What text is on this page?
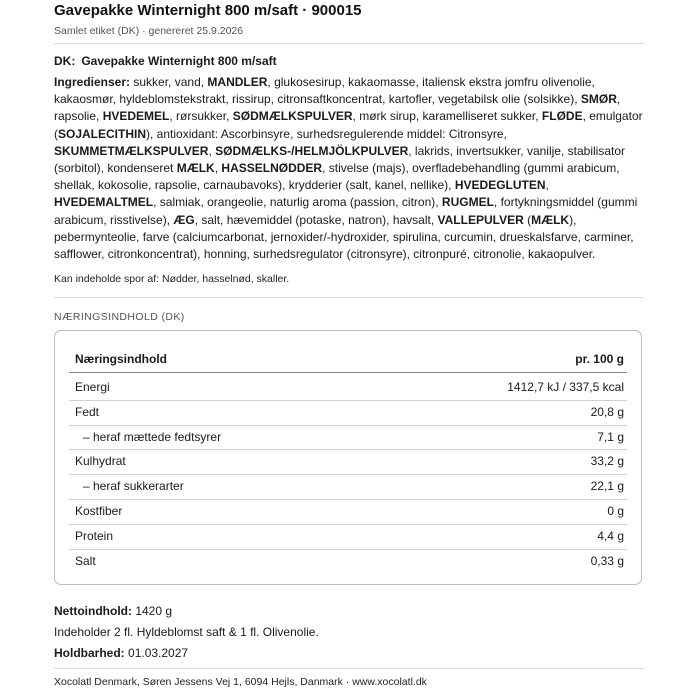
Gavepakke Winternight 800 m/saft · 900015
Samlet etiket (DK) · genereret 25.9.2026
DK: Gavepakke Winternight 800 m/saft
Ingredienser: sukker, vand, MANDLER, glukosesirup, kakaomasse, italiensk ekstra jomfru olivenolie, kakaosmør, hyldeblomstekstrakt, rissirup, citronsaftkoncentrat, kartofler, vegetabilsk olie (solsikke), SMØR, rapsolie, HVEDEMEL, rørsukker, SØDMÆLKSPULVER, mørk sirup, karamelliseret sukker, FLØDE, emulgator (SOJALECITHIN), antioxidant: Ascorbinsyre, surhedsregulerende middel: Citronsyre, SKUMMETMÆLKSPULVER, SØDMÆLKS-/HELMJÖLKPULVER, lakrids, invertsukker, vanilje, stabilisator (sorbitol), kondenseret MÆLK, HASSELNØDDER, stivelse (majs), overfladebehandling (gummi arabicum, shellak, kokosolie, rapsolie, carnaubavoks), krydderier (salt, kanel, nellike), HVEDEGLUTEN, HVEDEMALTMEL, salmiak, orangeolie, naturlig aroma (passion, citron), RUGMEL, fortykningsmiddel (gummi arabicum, risstivelse), ÆG, salt, hævemiddel (potaske, natron), havsalt, VALLEPULVER (MÆLK), pebermynteolie, farve (calciumcarbonat, jernoxider/-hydroxider, spirulina, curcumin, drueskalsfarve, carminer, safflower, citronkoncentrat), honning, surhedsregulator (citronsyre), citronpuré, citronolie, kakaopulver.
Kan indeholde spor af: Nødder, hasselnød, skaller.
NÆRINGSINDHOLD (DK)
Næringsindhold	pr. 100 g
Energi	1412,7 kJ / 337,5 kcal
Fedt	20,8 g
– heraf mættede fedtsyrer	7,1 g
Kulhydrat	33,2 g
– heraf sukkerarter	22,1 g
Kostfiber	0 g
Protein	4,4 g
Salt	0,33 g
Nettoindhold: 1420 g
Indeholder 2 fl. Hyldeblomst saft & 1 fl. Olivenolie.
Holdbarhed: 01.03.2027
Xocolatl Denmark, Søren Jessens Vej 1, 6094 Hejls, Danmark · www.xocolatl.dk
